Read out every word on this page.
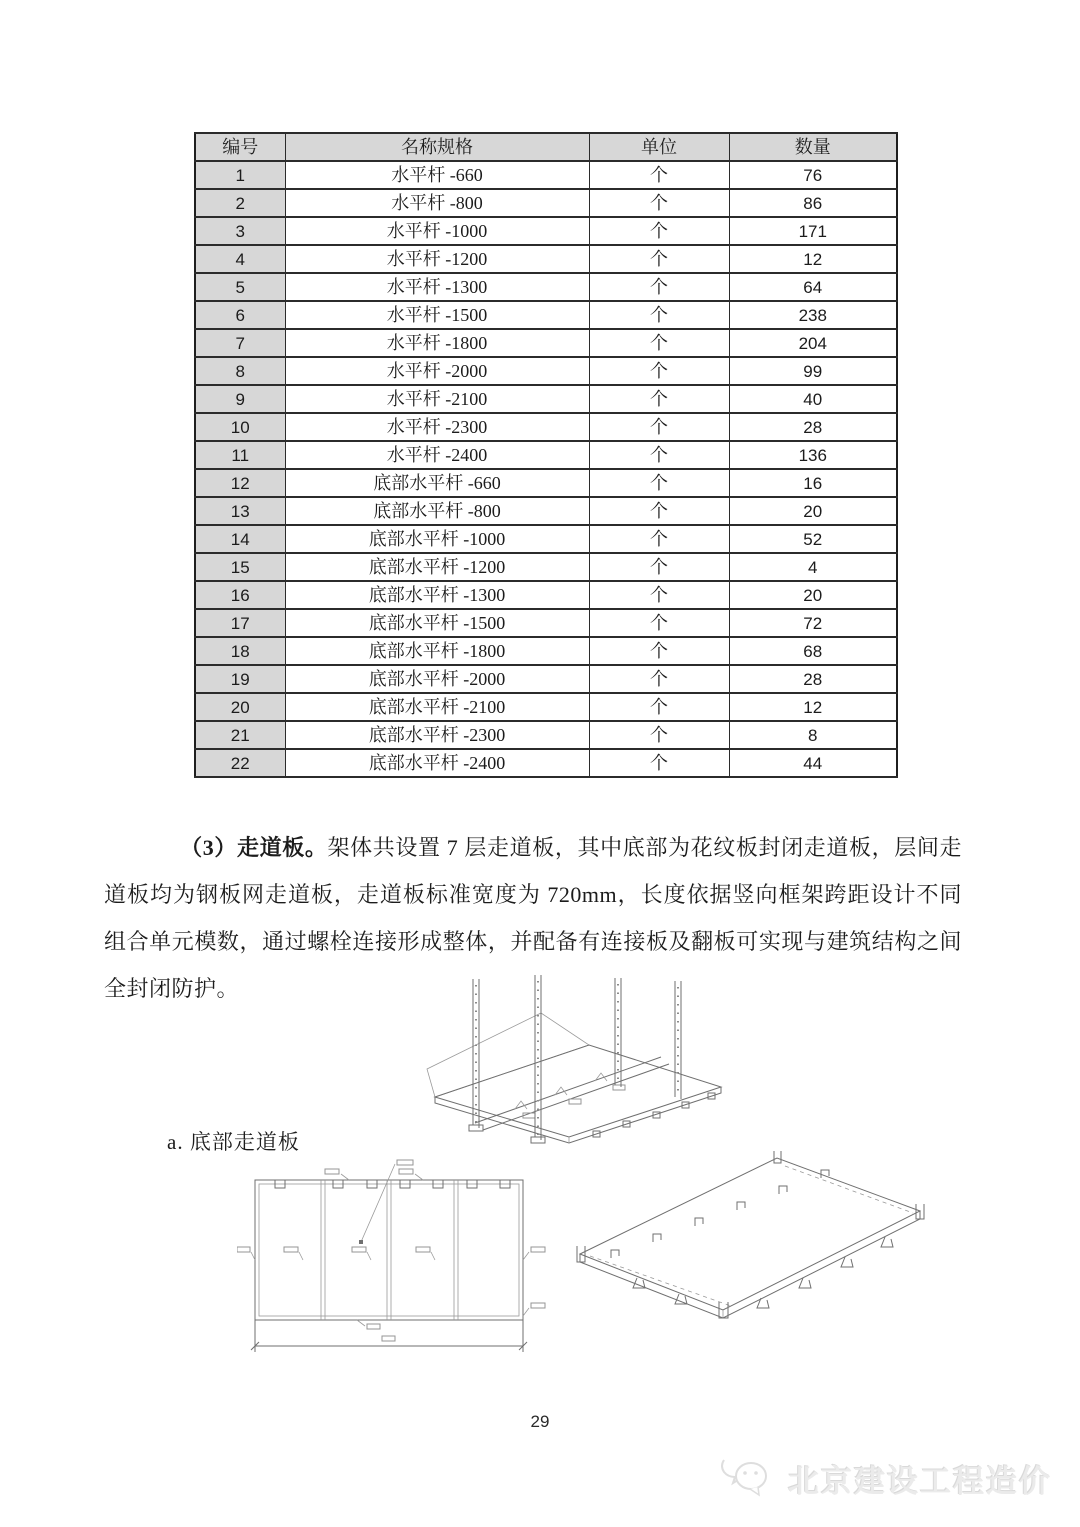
编号	名称规格	单位	数量
1	水平杆 -660	个	76
2	水平杆 -800	个	86
3	水平杆 -1000	个	171
4	水平杆 -1200	个	12
5	水平杆 -1300	个	64
6	水平杆 -1500	个	238
7	水平杆 -1800	个	204
8	水平杆 -2000	个	99
9	水平杆 -2100	个	40
10	水平杆 -2300	个	28
11	水平杆 -2400	个	136
12	底部水平杆 -660	个	16
13	底部水平杆 -800	个	20
14	底部水平杆 -1000	个	52
15	底部水平杆 -1200	个	4
16	底部水平杆 -1300	个	20
17	底部水平杆 -1500	个	72
18	底部水平杆 -1800	个	68
19	底部水平杆 -2000	个	28
20	底部水平杆 -2100	个	12
21	底部水平杆 -2300	个	8
22	底部水平杆 -2400	个	44
（3）走道板。架体共设置 7 层走道板，其中底部为花纹板封闭走道板，层间走道板均为钢板网走道板，走道板标准宽度为 720mm，长度依据竖向框架跨距设计不同组合单元模数，通过螺栓连接形成整体，并配备有连接板及翻板可实现与建筑结构之间全封闭防护。
a. 底部走道板
29
北京建设工程造价
